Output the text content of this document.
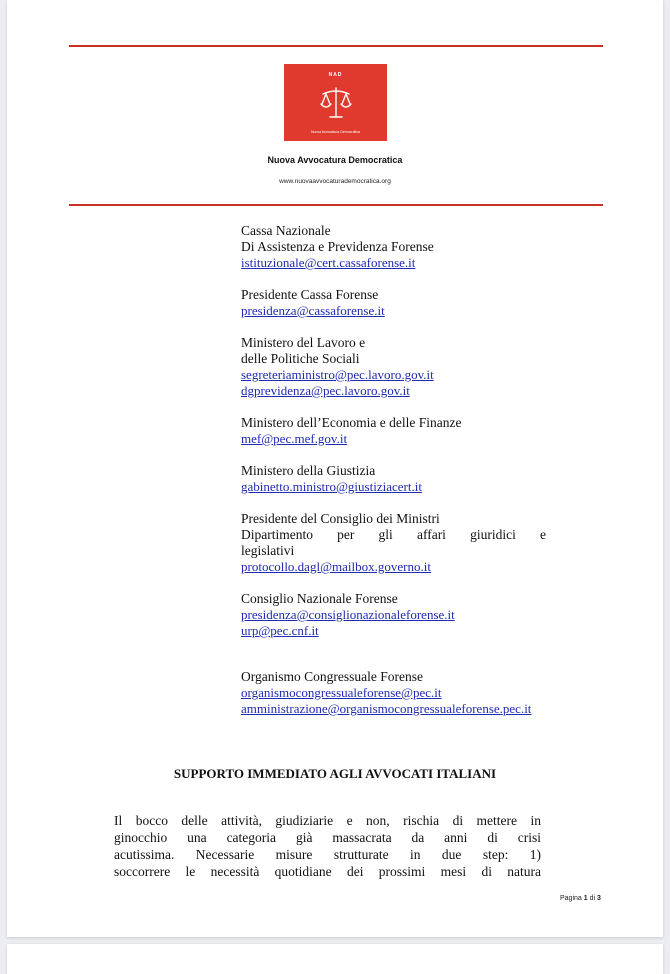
NAD
Nuova Avvocatura Democratica
Nuova Avvocatura Democratica
www.nuovaavvocaturademocratica.org
Cassa Nazionale
Di Assistenza e Previdenza Forense
istituzionale@cert.cassaforense.it
Presidente Cassa Forense
presidenza@cassaforense.it
Ministero del Lavoro e
delle Politiche Sociali
segreteriaministro@pec.lavoro.gov.it
dgprevidenza@pec.lavoro.gov.it
Ministero dell’Economia e delle Finanze
mef@pec.mef.gov.it
Ministero della Giustizia
gabinetto.ministro@giustiziacert.it
Presidente del Consiglio dei Ministri
Dipartimento per gli affari giuridici e
legislativi
protocollo.dagl@mailbox.governo.it
Consiglio Nazionale Forense
presidenza@consiglionazionaleforense.it
urp@pec.cnf.it
Organismo Congressuale Forense
organismocongressualeforense@pec.it
amministrazione@organismocongressualeforense.pec.it
SUPPORTO IMMEDIATO AGLI AVVOCATI ITALIANI
Il bocco delle attività, giudiziarie e non, rischia di mettere in
ginocchio una categoria già massacrata da anni di crisi
acutissima. Necessarie misure strutturate in due step: 1)
soccorrere le necessità quotidiane dei prossimi mesi di natura
Pagina 1 di 3
